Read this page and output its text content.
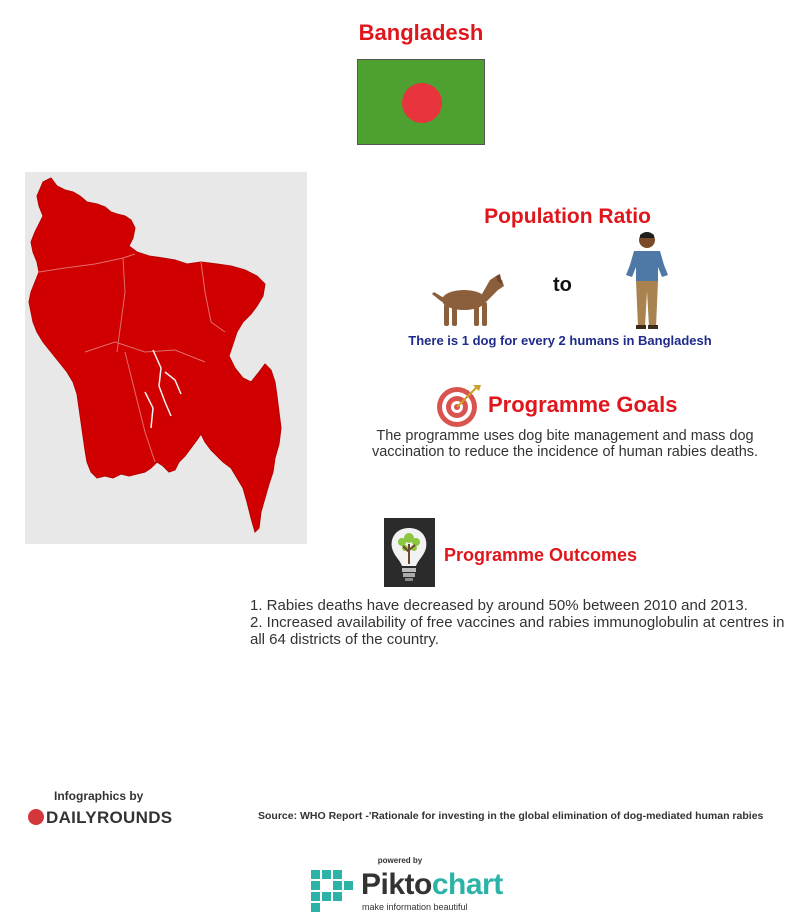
Bangladesh
Population Ratio
to
There is 1 dog for every 2 humans in Bangladesh
Programme Goals
The programme uses dog bite management and mass dog vaccination to reduce the incidence of human rabies deaths.
Programme Outcomes
1. Rabies deaths have decreased by around 50% between 2010 and 2013.
2. Increased availability of free vaccines and rabies immunoglobulin at centres in all 64 districts of the country.
Infographics by
DAILYROUNDS	Source: WHO Report -'Rationale for investing in the global elimination of dog-mediated human rabies
powered by
Piktochart
make information beautiful
